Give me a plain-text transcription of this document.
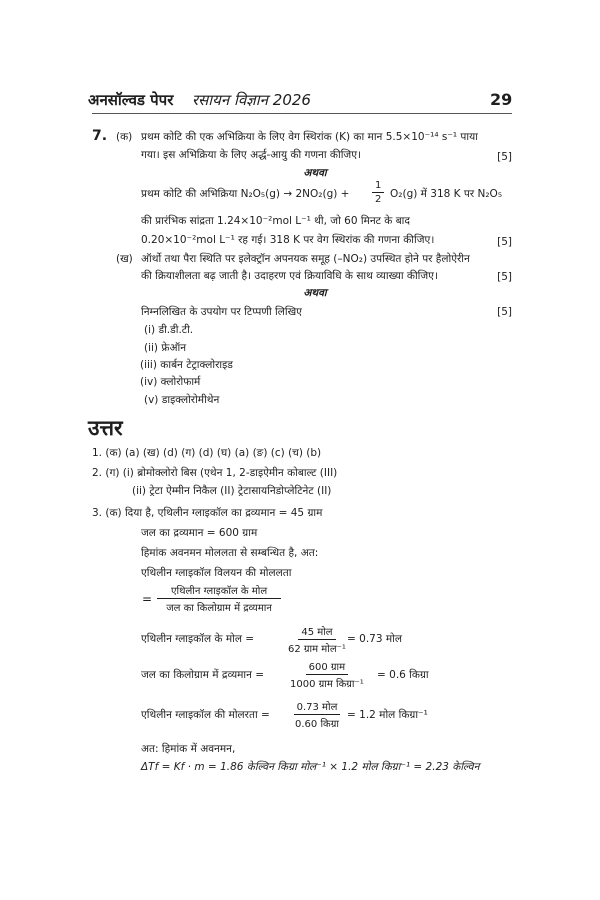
अनसॉल्वड पेपर रसायन विज्ञान 2026	29
7. (क) प्रथम कोटि की एक अभिक्रिया के लिए वेग स्थिरांक (K) का मान 5.5×10⁻¹⁴ s⁻¹ पाया
गया। इस अभिक्रिया के लिए अर्द्ध-आयु की गणना कीजिए।	[5]
अथवा
प्रथम कोटि की अभिक्रिया $N_2O_5(g) \to 2NO_2(g) + \frac{1}{2} O_2(g)$ में 318 K पर N₂O₅
की प्रारंभिक सांद्रता 1.24×10⁻²mol L⁻¹ थी, जो 60 मिनट के बाद
0.20×10⁻²mol L⁻¹ रह गई। 318 K पर वेग स्थिरांक की गणना कीजिए।	[5]
(ख) ऑर्थो तथा पैरा स्थिति पर इलेक्ट्रॉन अपनयक समूह (–NO₂) उपस्थित होने पर हैलोऐरीन
की क्रियाशीलता बढ़ जाती है। उदाहरण एवं क्रियाविधि के साथ व्याख्या कीजिए।	[5]
अथवा
निम्नलिखित के उपयोग पर टिप्पणी लिखिए	[5]
(i) डी.डी.टी.
(ii) फ्रेऑन
(iii) कार्बन टेट्राक्लोराइड
(iv) क्लोरोफार्म
(v) डाइक्लोरोमीथेन
उत्तर
1. (क) (a) (ख) (d) (ग) (d) (घ) (a) (ङ) (c) (च) (b)
2. (ग) (i) ब्रोमोक्लोरो बिस (एथेन 1, 2-डाइऐमीन कोबाल्ट (III)
(ii) ट्रेटा ऐम्मीन निकैल (II) ट्रेटासायनिडोप्लेटिनेट (II)
3. (क) दिया है, एथिलीन ग्लाइकॉल का द्रव्यमान = 45 ग्राम
जल का द्रव्यमान = 600 ग्राम
हिमांक अवनमन मोललता से सम्बन्धित है, अत:
एथिलीन ग्लाइकॉल विलयन की मोललता
=
एथिलीन ग्लाइकॉल के मोल
जल का किलोग्राम में द्रव्यमान
एथिलीन ग्लाइकॉल के मोल =
45 मोल
62 ग्राम मोल⁻¹
= 0.73 मोल
जल का किलोग्राम में द्रव्यमान =
600 ग्राम
1000 ग्राम किग्रा⁻¹
= 0.6 किग्रा
एथिलीन ग्लाइकॉल की मोलरता =
0.73 मोल
0.60 किग्रा
= 1.2 मोल किग्रा⁻¹
अत: हिमांक में अवनमन,
ΔTf = Kf · m = 1.86 केल्विन किग्रा मोल⁻¹ × 1.2 मोल किग्रा⁻¹ = 2.23 केल्विन
